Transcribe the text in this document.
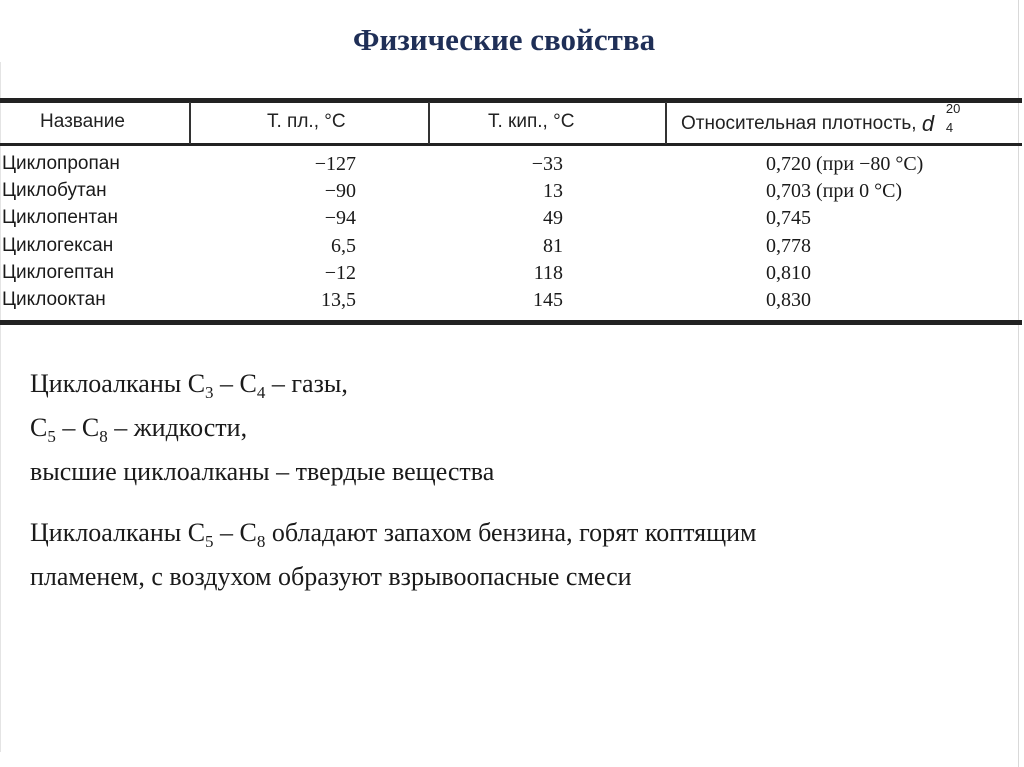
Физические свойства
Название	Т. пл., °С	Т. кип., °С	Относительная плотность, d
20
4
Циклопропан	−127	−33	0,720 (при −80 °С)
Циклобутан	−90	13	0,703 (при 0 °С)
Циклопентан	−94	49	0,745
Циклогексан	6,5	81	0,778
Циклогептан	−12	118	0,810
Циклооктан	13,5	145	0,830
Циклоалканы $С_3 - С_4$ – газы,
$С_5 - С_8$ – жидкости,
высшие циклоалканы – твердые вещества
Циклоалканы $С_5 - С_8$ обладают запахом бензина, горят коптящим
пламенем, с воздухом образуют взрывоопасные смеси
